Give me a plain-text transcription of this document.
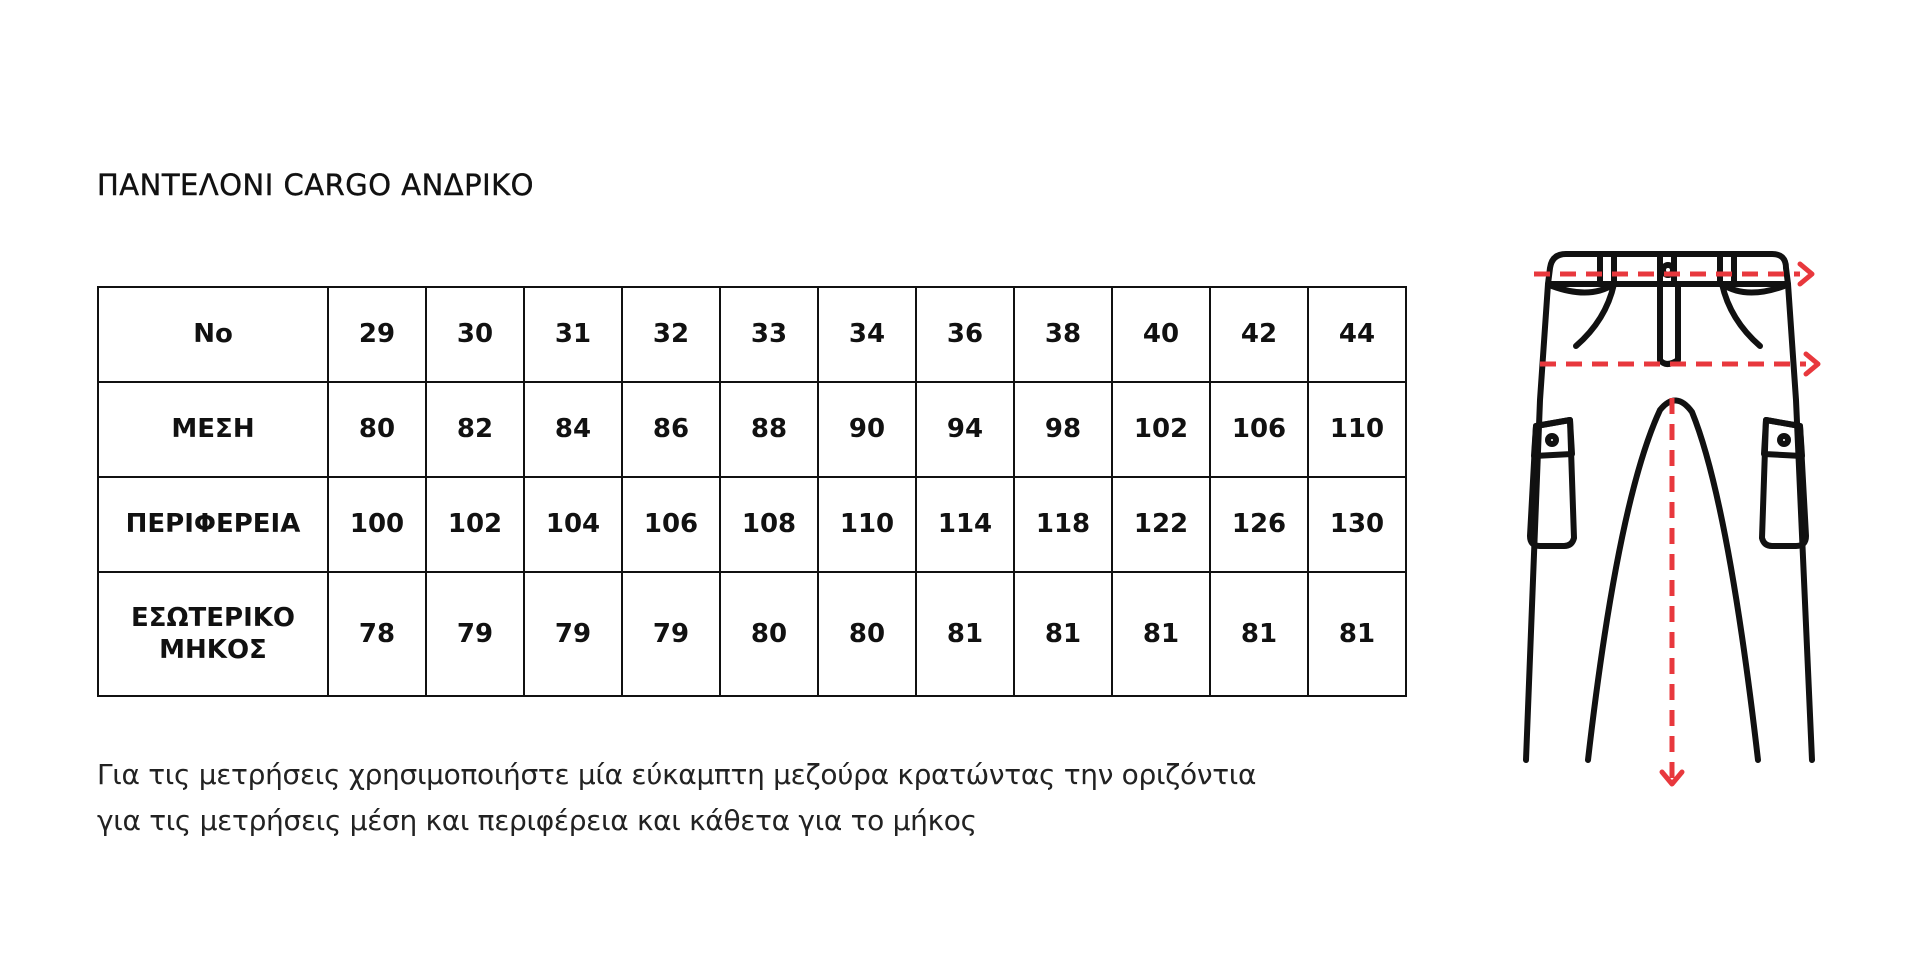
ΠΑΝΤΕΛΟΝΙ CARGO ΑΝΔΡΙΚΟ
Νο	29	30	31	32	33	34	36	38	40	42	44
ΜΕΣΗ	80	82	84	86	88	90	94	98	102	106	110
ΠΕΡΙΦΕΡΕΙΑ	100	102	104	106	108	110	114	118	122	126	130
ΕΣΩΤΕΡΙΚΟ
ΜΗΚΟΣ	78	79	79	79	80	80	81	81	81	81	81
Για τις μετρήσεις χρησιμοποιήστε μία εύκαμπτη μεζούρα κρατώντας την οριζόντια
για τις μετρήσεις μέση και περιφέρεια και κάθετα για το μήκος
